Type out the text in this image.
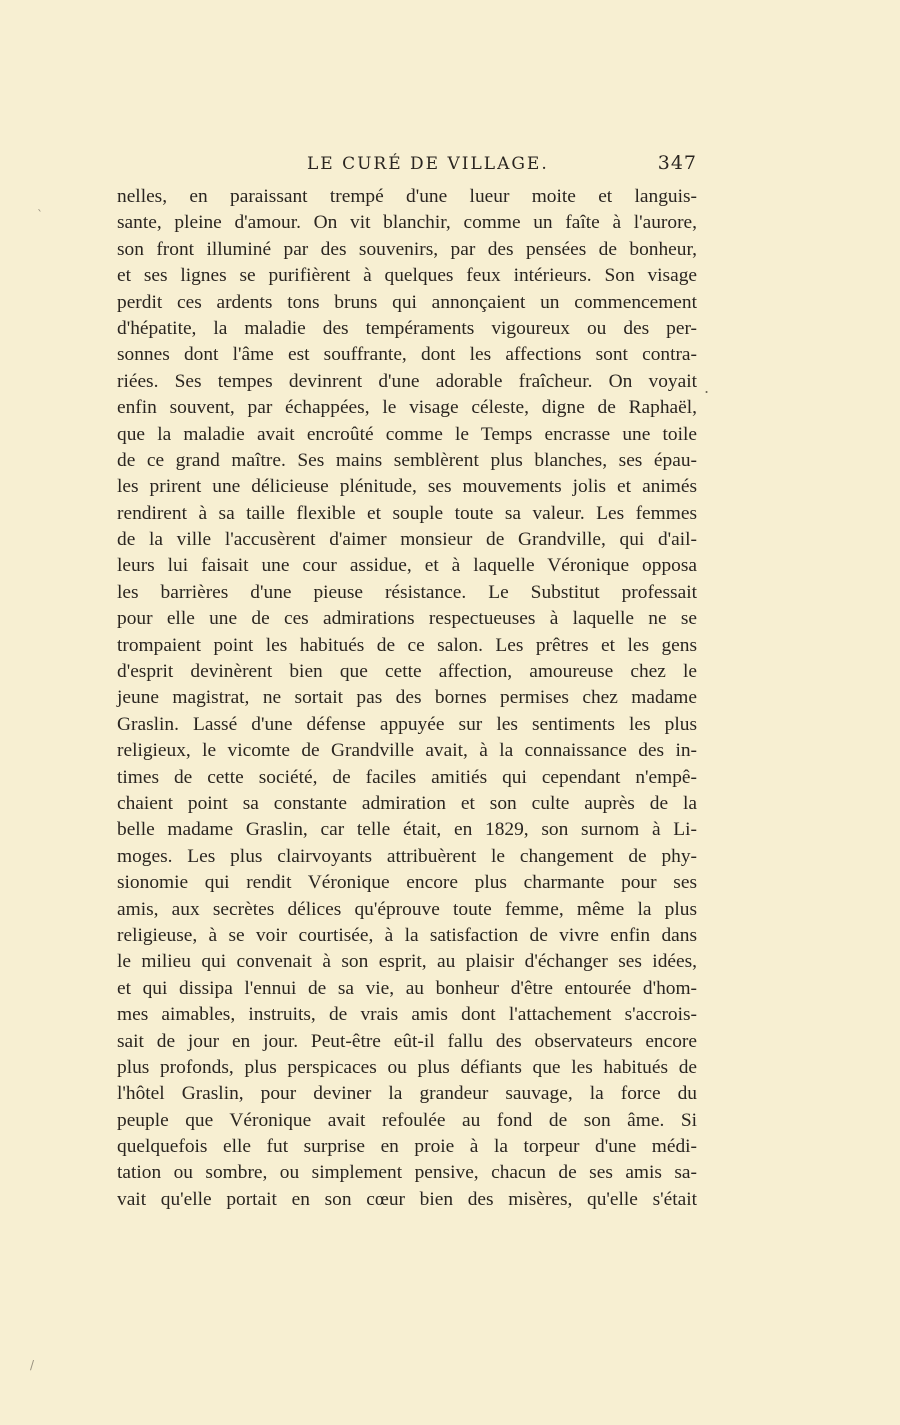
LE CURÉ DE VILLAGE.	347
nelles, en paraissant trempé d'une lueur moite et languis-
sante, pleine d'amour. On vit blanchir, comme un faîte à l'aurore,
son front illuminé par des souvenirs, par des pensées de bonheur,
et ses lignes se purifièrent à quelques feux intérieurs. Son visage
perdit ces ardents tons bruns qui annonçaient un commencement
d'hépatite, la maladie des tempéraments vigoureux ou des per-
sonnes dont l'âme est souffrante, dont les affections sont contra-
riées. Ses tempes devinrent d'une adorable fraîcheur. On voyait
enfin souvent, par échappées, le visage céleste, digne de Raphaël,
que la maladie avait encroûté comme le Temps encrasse une toile
de ce grand maître. Ses mains semblèrent plus blanches, ses épau-
les prirent une délicieuse plénitude, ses mouvements jolis et animés
rendirent à sa taille flexible et souple toute sa valeur. Les femmes
de la ville l'accusèrent d'aimer monsieur de Grandville, qui d'ail-
leurs lui faisait une cour assidue, et à laquelle Véronique opposa
les barrières d'une pieuse résistance. Le Substitut professait
pour elle une de ces admirations respectueuses à laquelle ne se
trompaient point les habitués de ce salon. Les prêtres et les gens
d'esprit devinèrent bien que cette affection, amoureuse chez le
jeune magistrat, ne sortait pas des bornes permises chez madame
Graslin. Lassé d'une défense appuyée sur les sentiments les plus
religieux, le vicomte de Grandville avait, à la connaissance des in-
times de cette société, de faciles amitiés qui cependant n'empê-
chaient point sa constante admiration et son culte auprès de la
belle madame Graslin, car telle était, en 1829, son surnom à Li-
moges. Les plus clairvoyants attribuèrent le changement de phy-
sionomie qui rendit Véronique encore plus charmante pour ses
amis, aux secrètes délices qu'éprouve toute femme, même la plus
religieuse, à se voir courtisée, à la satisfaction de vivre enfin dans
le milieu qui convenait à son esprit, au plaisir d'échanger ses idées,
et qui dissipa l'ennui de sa vie, au bonheur d'être entourée d'hom-
mes aimables, instruits, de vrais amis dont l'attachement s'accrois-
sait de jour en jour. Peut-être eût-il fallu des observateurs encore
plus profonds, plus perspicaces ou plus défiants que les habitués de
l'hôtel Graslin, pour deviner la grandeur sauvage, la force du
peuple que Véronique avait refoulée au fond de son âme. Si
quelquefois elle fut surprise en proie à la torpeur d'une médi-
tation ou sombre, ou simplement pensive, chacun de ses amis sa-
vait qu'elle portait en son cœur bien des misères, qu'elle s'était
`
.
/
